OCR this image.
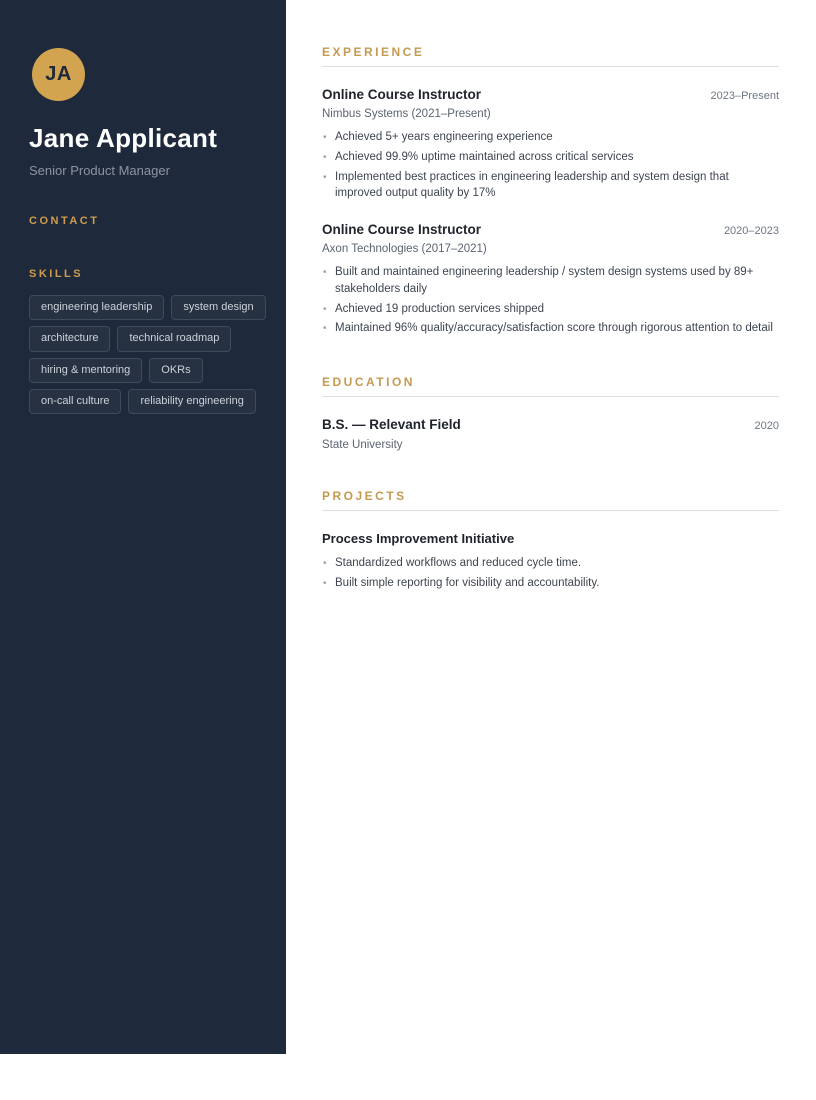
JA
Jane Applicant
Senior Product Manager
CONTACT
SKILLS
engineering leadership	system design
architecture	technical roadmap
hiring & mentoring	OKRs
on-call culture	reliability engineering
EXPERIENCE
Online Course Instructor	2023–Present
Nimbus Systems (2021–Present)
• Achieved 5+ years engineering experience
• Achieved 99.9% uptime maintained across critical services
• Implemented best practices in engineering leadership and system design that improved output quality by 17%
Online Course Instructor	2020–2023
Axon Technologies (2017–2021)
• Built and maintained engineering leadership / system design systems used by 89+ stakeholders daily
• Achieved 19 production services shipped
• Maintained 96% quality/accuracy/satisfaction score through rigorous attention to detail
EDUCATION
B.S. — Relevant Field	2020
State University
PROJECTS
Process Improvement Initiative
• Standardized workflows and reduced cycle time.
• Built simple reporting for visibility and accountability.
